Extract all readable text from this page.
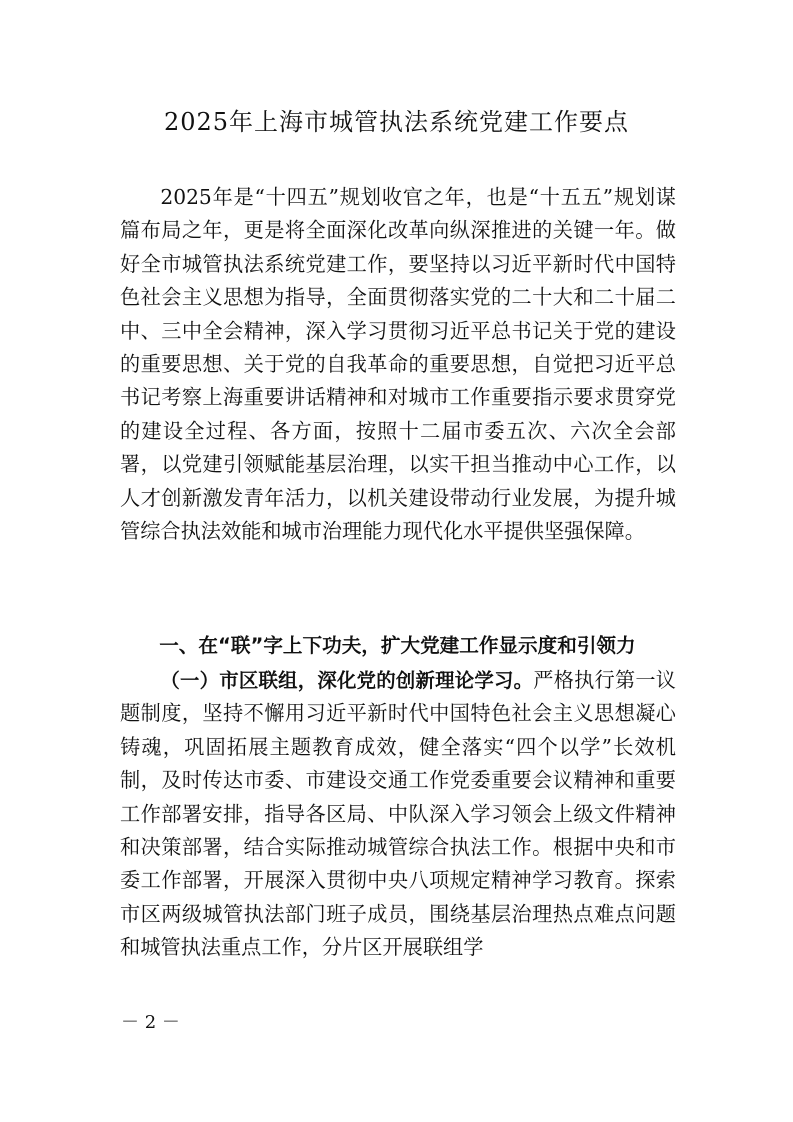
2025年上海市城管执法系统党建工作要点

2025年是“十四五”规划收官之年，也是“十五五”规划谋篇布局之年，更是将全面深化改革向纵深推进的关键一年。做好全市城管执法系统党建工作，要坚持以习近平新时代中国特色社会主义思想为指导，全面贯彻落实党的二十大和二十届二中、三中全会精神，深入学习贯彻习近平总书记关于党的建设的重要思想、关于党的自我革命的重要思想，自觉把习近平总书记考察上海重要讲话精神和对城市工作重要指示要求贯穿党的建设全过程、各方面，按照十二届市委五次、六次全会部署，以党建引领赋能基层治理，以实干担当推动中心工作，以人才创新激发青年活力，以机关建设带动行业发展，为提升城管综合执法效能和城市治理能力现代化水平提供坚强保障。

一、在“联”字上下功夫，扩大党建工作显示度和引领力

（一）市区联组，深化党的创新理论学习。严格执行第一议题制度，坚持不懈用习近平新时代中国特色社会主义思想凝心铸魂，巩固拓展主题教育成效，健全落实“四个以学”长效机制，及时传达市委、市建设交通工作党委重要会议精神和重要工作部署安排，指导各区局、中队深入学习领会上级文件精神和决策部署，结合实际推动城管综合执法工作。根据中央和市委工作部署，开展深入贯彻中央八项规定精神学习教育。探索市区两级城管执法部门班子成员，围绕基层治理热点难点问题和城管执法重点工作，分片区开展联组学

－ 2 －
